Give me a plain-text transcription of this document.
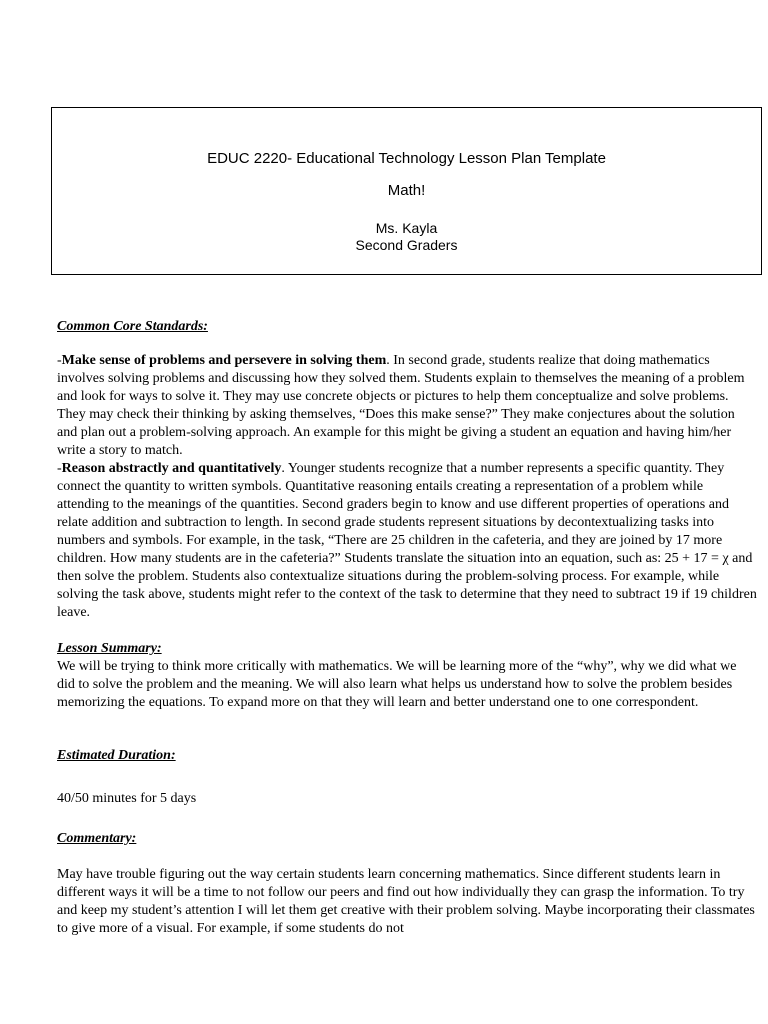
EDUC 2220- Educational Technology Lesson Plan Template
Math!
Ms. Kayla
Second Graders
Common Core Standards:

-Make sense of problems and persevere in solving them. In second grade, students realize that doing mathematics involves solving problems and discussing how they solved them. Students explain to themselves the meaning of a problem and look for ways to solve it. They may use concrete objects or pictures to help them conceptualize and solve problems. They may check their thinking by asking themselves, “Does this make sense?” They make conjectures about the solution and plan out a problem-solving approach. An example for this might be giving a student an equation and having him/her write a story to match.

-Reason abstractly and quantitatively. Younger students recognize that a number represents a specific quantity. They connect the quantity to written symbols. Quantitative reasoning entails creating a representation of a problem while attending to the meanings of the quantities. Second graders begin to know and use different properties of operations and relate addition and subtraction to length. In second grade students represent situations by decontextualizing tasks into numbers and symbols. For example, in the task, “There are 25 children in the cafeteria, and they are joined by 17 more children. How many students are in the cafeteria?” Students translate the situation into an equation, such as: 25 + 17 = χ and then solve the problem. Students also contextualize situations during the problem-solving process. For example, while solving the task above, students might refer to the context of the task to determine that they need to subtract 19 if 19 children leave.

Lesson Summary:

We will be trying to think more critically with mathematics. We will be learning more of the “why”, why we did what we did to solve the problem and the meaning. We will also learn what helps us understand how to solve the problem besides memorizing the equations. To expand more on that they will learn and better understand one to one correspondent.

Estimated Duration:

40/50 minutes for 5 days

Commentary:

May have trouble figuring out the way certain students learn concerning mathematics. Since different students learn in different ways it will be a time to not follow our peers and find out how individually they can grasp the information. To try and keep my student’s attention I will let them get creative with their problem solving. Maybe incorporating their classmates to give more of a visual. For example, if some students do not
